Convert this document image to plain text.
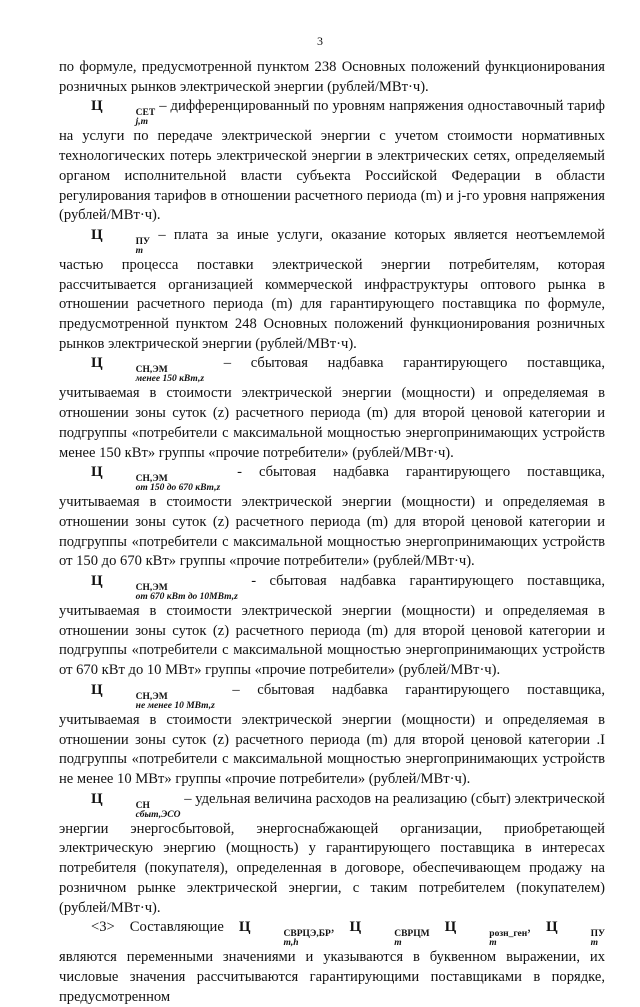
3

по формуле, предусмотренной пунктом 238 Основных положений функционирования розничных рынков электрической энергии (рублей/МВт·ч).

Ц	СЕТ
j,m
– дифференцированный по уровням напряжения одноставочный тариф на услуги по передаче электрической энергии с учетом стоимости нормативных технологических потерь электрической энергии в электрических сетях, определяемый органом исполнительной власти субъекта Российской Федерации в области регулирования тарифов в отношении расчетного периода (m) и j-го уровня напряжения (рублей/МВт·ч).

Ц	ПУ
m
– плата за иные услуги, оказание которых является неотъемлемой частью процесса поставки электрической энергии потребителям, которая рассчитывается организацией коммерческой инфраструктуры оптового рынка в отношении расчетного периода (m) для гарантирующего поставщика по формуле, предусмотренной пунктом 248 Основных положений функционирования розничных рынков электрической энергии (рублей/МВт·ч).

Ц	СН,ЭМ
менее 150 кВт,z
– сбытовая надбавка гарантирующего поставщика, учитываемая в стоимости электрической энергии (мощности) и определяемая в отношении зоны суток (z) расчетного периода (m) для второй ценовой категории и подгруппы «потребители с максимальной мощностью энергопринимающих устройств менее 150 кВт» группы «прочие потребители» (рублей/МВт·ч).

Ц	СН,ЭМ
от 150 до 670 кВт,z
- сбытовая надбавка гарантирующего поставщика, учитываемая в стоимости электрической энергии (мощности) и определяемая в отношении зоны суток (z) расчетного периода (m) для второй ценовой категории и подгруппы «потребители с максимальной мощностью энергопринимающих устройств от 150 до 670 кВт» группы «прочие потребители» (рублей/МВт·ч).

Ц	СН,ЭМ
от 670 кВт до 10МВт,z
- сбытовая надбавка гарантирующего поставщика, учитываемая в стоимости электрической энергии (мощности) и определяемая в отношении зоны суток (z) расчетного периода (m) для второй ценовой категории и подгруппы «потребители с максимальной мощностью энергопринимающих устройств от 670 кВт до 10 МВт» группы «прочие потребители» (рублей/МВт·ч).

Ц	СН,ЭМ
не менее 10 МВт,z
– сбытовая надбавка гарантирующего поставщика, учитываемая в стоимости электрической энергии (мощности) и определяемая в отношении зоны суток (z) расчетного периода (m) для второй ценовой категории .I подгруппы «потребители с максимальной мощностью энергопринимающих устройств не менее 10 МВт» группы «прочие потребители» (рублей/МВт·ч).

Ц	СН
сбыт,ЭСО
– удельная величина расходов на реализацию (сбыт) электрической энергии энергосбытовой, энергоснабжающей организации, приобретающей электрическую энергию (мощность) у гарантирующего поставщика в интересах потребителя (покупателя), определенная в договоре, обеспечивающем продажу на розничном рынке электрической энергии, с таким потребителем (покупателем) (рублей/МВт·ч).

<3> Составляющие Ц	СВРЦЭ,БР
m,h
, Ц	СВРЦМ
m
Ц	розн_ген
m
, Ц	ПУ
m
являются переменными значениями и указываются в буквенном выражении, их числовые значения рассчитываются гарантирующими поставщиками в порядке, предусмотренном
